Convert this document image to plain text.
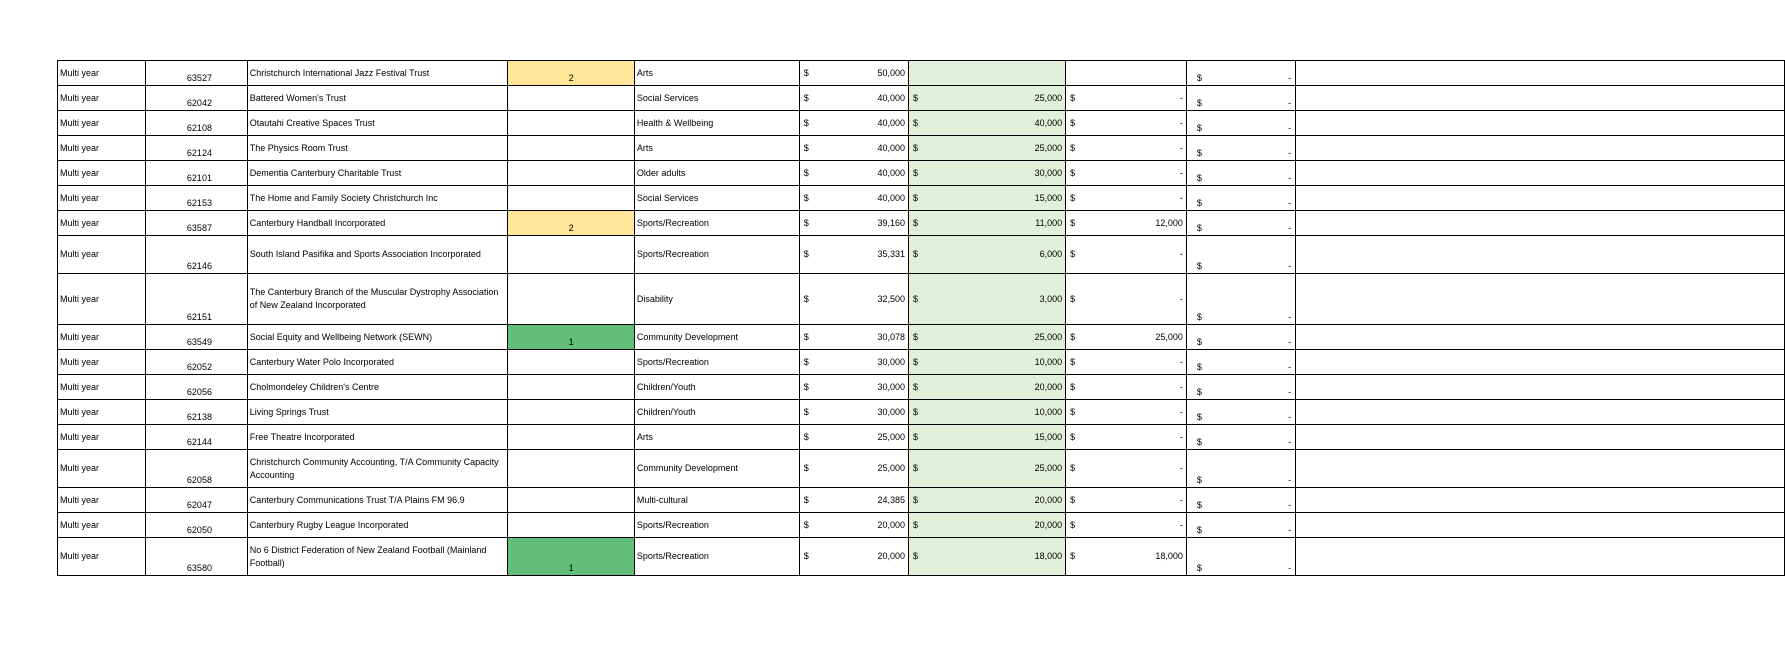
Multi year	63527	Christchurch International Jazz Festival Trust	2	Arts	$ 50,000			$ -	

Multi year	62042	Battered Women's Trust		Social Services	$ 40,000	$ 25,000	$ -	$ -	

Multi year	62108	Otautahi Creative Spaces Trust		Health & Wellbeing	$ 40,000	$ 40,000	$ -	$ -	

Multi year	62124	The Physics Room Trust		Arts	$ 40,000	$ 25,000	$ -	$ -	

Multi year	62101	Dementia Canterbury Charitable Trust		Older adults	$ 40,000	$ 30,000	$ -	$ -	

Multi year	62153	The Home and Family Society Christchurch Inc		Social Services	$ 40,000	$ 15,000	$ -	$ -	

Multi year	63587	Canterbury Handball Incorporated	2	Sports/Recreation	$ 39,160	$ 11,000	$ 12,000	$ -	

Multi year	62146	South Island Pasifika and Sports Association Incorporated		Sports/Recreation	$ 35,331	$ 6,000	$ -	$ -	

Multi year	62151	The Canterbury Branch of the Muscular Dystrophy Association of New Zealand Incorporated		Disability	$ 32,500	$ 3,000	$ -	$ -	

Multi year	63549	Social Equity and Wellbeing Network (SEWN)	1	Community Development	$ 30,078	$ 25,000	$ 25,000	$ -	

Multi year	62052	Canterbury Water Polo Incorporated		Sports/Recreation	$ 30,000	$ 10,000	$ -	$ -	

Multi year	62056	Cholmondeley Children's Centre		Children/Youth	$ 30,000	$ 20,000	$ -	$ -	

Multi year	62138	Living Springs Trust		Children/Youth	$ 30,000	$ 10,000	$ -	$ -	

Multi year	62144	Free Theatre Incorporated		Arts	$ 25,000	$ 15,000	$ -	$ -	

Multi year	62058	Christchurch Community Accounting, T/A Community Capacity Accounting		Community Development	$ 25,000	$ 25,000	$ -	$ -	

Multi year	62047	Canterbury Communications Trust T/A Plains FM 96.9		Multi-cultural	$ 24,385	$ 20,000	$ -	$ -	

Multi year	62050	Canterbury Rugby League Incorporated		Sports/Recreation	$ 20,000	$ 20,000	$ -	$ -	

Multi year	63580	No 6 District Federation of New Zealand Football (Mainland Football)	1	Sports/Recreation	$ 20,000	$ 18,000	$ 18,000	$ -	
